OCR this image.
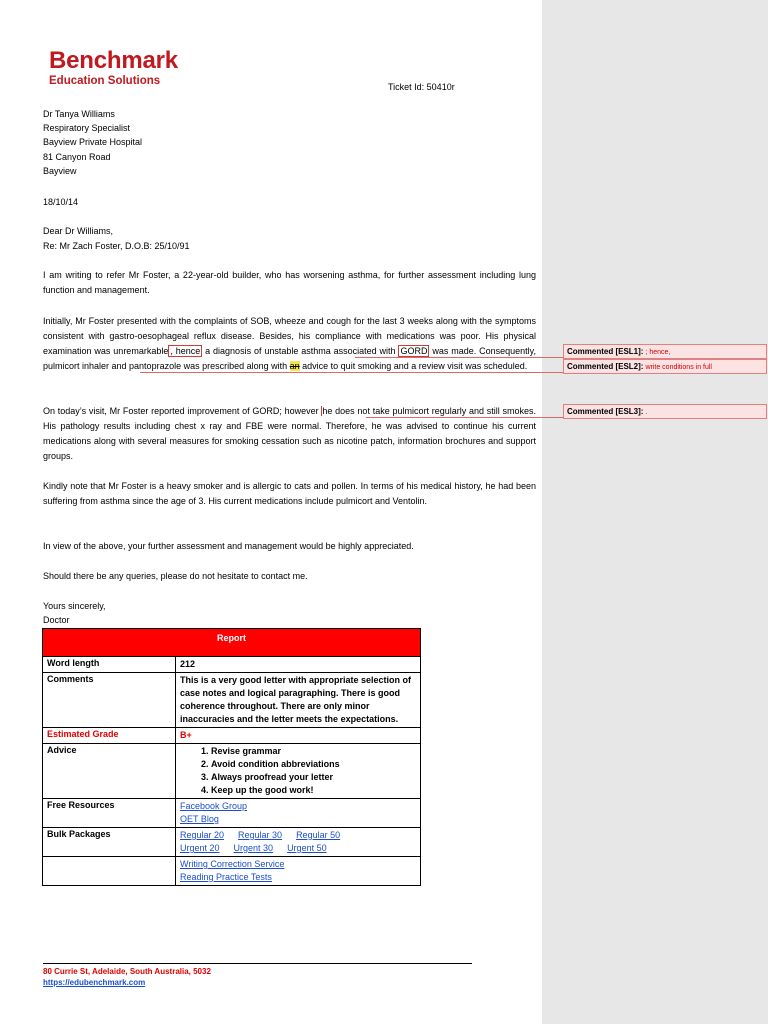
Benchmark
Education Solutions	Ticket Id: 50410r
Dr Tanya Williams
Respiratory Specialist
Bayview Private Hospital
81 Canyon Road
Bayview
18/10/14
Dear Dr Williams,
Re: Mr Zach Foster, D.O.B: 25/10/91
I am writing to refer Mr Foster, a 22-year-old builder, who has worsening asthma, for further assessment including lung function and management.
Initially, Mr Foster presented with the complaints of SOB, wheeze and cough for the last 3 weeks along with the symptoms consistent with gastro-oesophageal reflux disease. Besides, his compliance with medications was poor. His physical examination was unremarkable , hence a diagnosis of unstable asthma associated with GORD was made. Consequently, pulmicort inhaler and pantoprazole was prescribed along with an advice to quit smoking and a review visit was scheduled.
On today’s visit, Mr Foster reported improvement of GORD; however he does not take pulmicort regularly and still smokes. His pathology results including chest x ray and FBE were normal. Therefore, he was advised to continue his current medications along with several measures for smoking cessation such as nicotine patch, information brochures and support groups.
Kindly note that Mr Foster is a heavy smoker and is allergic to cats and pollen. In terms of his medical history, he had been suffering from asthma since the age of 3. His current medications include pulmicort and Ventolin.
In view of the above, your further assessment and management would be highly appreciated.
Should there be any queries, please do not hesitate to contact me.
Yours sincerely,
Doctor
Report
Word length	212
Comments	This is a very good letter with appropriate selection of case notes and logical paragraphing. There is good coherence throughout. There are only minor inaccuracies and the letter meets the expectations.
Estimated Grade	B+
Advice
1.	Revise grammar
2. Avoid condition abbreviations
3. Always proofread your letter
4. Keep up the good work!
Free Resources	Facebook Group
OET Blog
Bulk Packages	Regular 20 Regular 30 Regular 50
Urgent 20 Urgent 30 Urgent 50
Writing Correction Service
Reading Practice Tests
80 Currie St, Adelaide, South Australia, 5032
https://edubenchmark.com
Commented [ESL1]: ; hence,
Commented [ESL2]: write conditions in full
Commented [ESL3]: .
